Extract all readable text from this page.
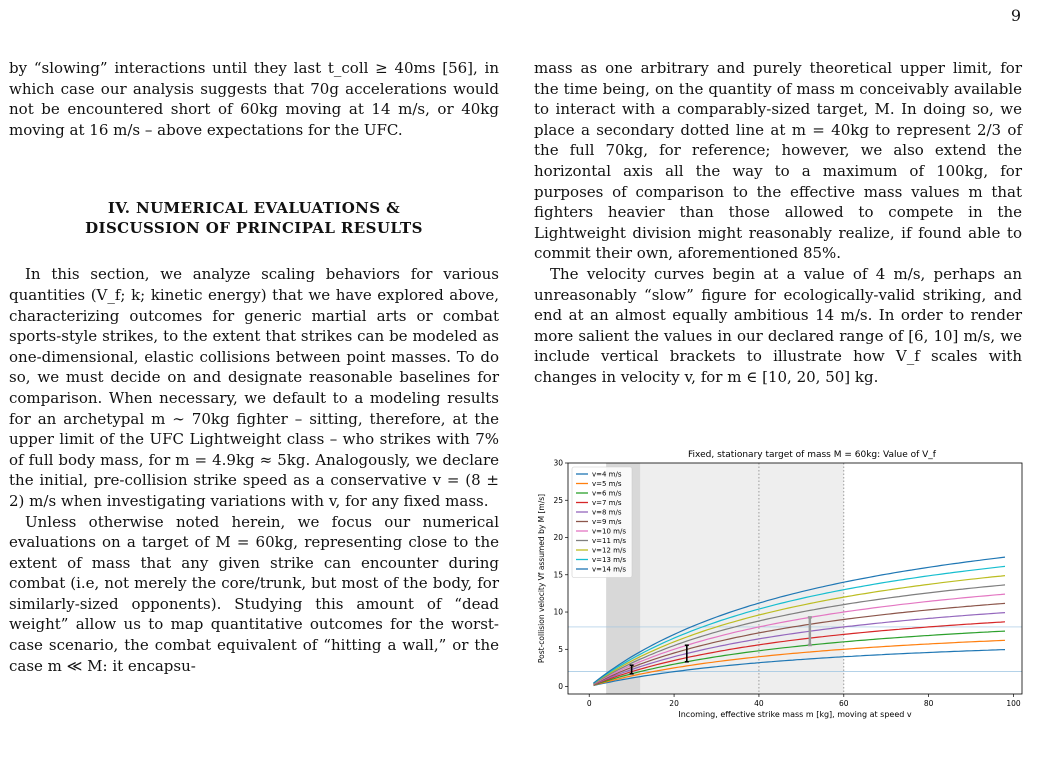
9

by “slowing” interactions until they last t_coll ≥ 40ms [56], in which case our analysis suggests that 70g accelerations would not be encountered short of 60kg moving at 14 m/s, or 40kg moving at 16 m/s – above expectations for the UFC.

IV. NUMERICAL EVALUATIONS &
DISCUSSION OF PRINCIPAL RESULTS

In this section, we analyze scaling behaviors for various quantities (V_f; k; kinetic energy) that we have explored above, characterizing outcomes for generic martial arts or combat sports-style strikes, to the extent that strikes can be modeled as one-dimensional, elastic collisions between point masses. To do so, we must decide on and designate reasonable baselines for comparison. When necessary, we default to a modeling results for an archetypal m ∼ 70kg fighter – sitting, therefore, at the upper limit of the UFC Lightweight class – who strikes with 7% of full body mass, for m = 4.9kg ≈ 5kg. Analogously, we declare the initial, pre-collision strike speed as a conservative v = (8 ± 2) m/s when investigating variations with v, for any fixed mass.

Unless otherwise noted herein, we focus our numerical evaluations on a target of M = 60kg, representing close to the extent of mass that any given strike can encounter during combat (i.e, not merely the core/trunk, but most of the body, for similarly-sized opponents). Studying this amount of “dead weight” allow us to map quantitative outcomes for the worst-case scenario, the combat equivalent of “hitting a wall,” or the case m ≪ M: it encapsu-

mass as one arbitrary and purely theoretical upper limit, for the time being, on the quantity of mass m conceivably available to interact with a comparably-sized target, M. In doing so, we place a secondary dotted line at m = 40kg to represent 2/3 of the full 70kg, for reference; however, we also extend the horizontal axis all the way to a maximum of 100kg, for purposes of comparison to the effective mass values m that fighters heavier than those allowed to compete in the Lightweight division might reasonably realize, if found able to commit their own, aforementioned 85%.

The velocity curves begin at a value of 4 m/s, perhaps an unreasonably “slow” figure for ecologically-valid striking, and end at an almost equally ambitious 14 m/s. In order to render more salient the values in our declared range of [6, 10] m/s, we include vertical brackets to illustrate how V_f scales with changes in velocity v, for m ∈ [10, 20, 50] kg.

Fixed, stationary target of mass M = 60kg: Value of V_f
0	20	40	60	80	100
0
5
10
15
20
25
30
v=4 m/s
v=5 m/s
v=6 m/s
v=7 m/s
v=8 m/s
v=9 m/s
v=10 m/s
v=11 m/s
v=12 m/s
v=13 m/s
v=14 m/s
Incoming, effective strike mass m [kg], moving at speed v
Post-collision velocity Vf assumed by M [m/s]
